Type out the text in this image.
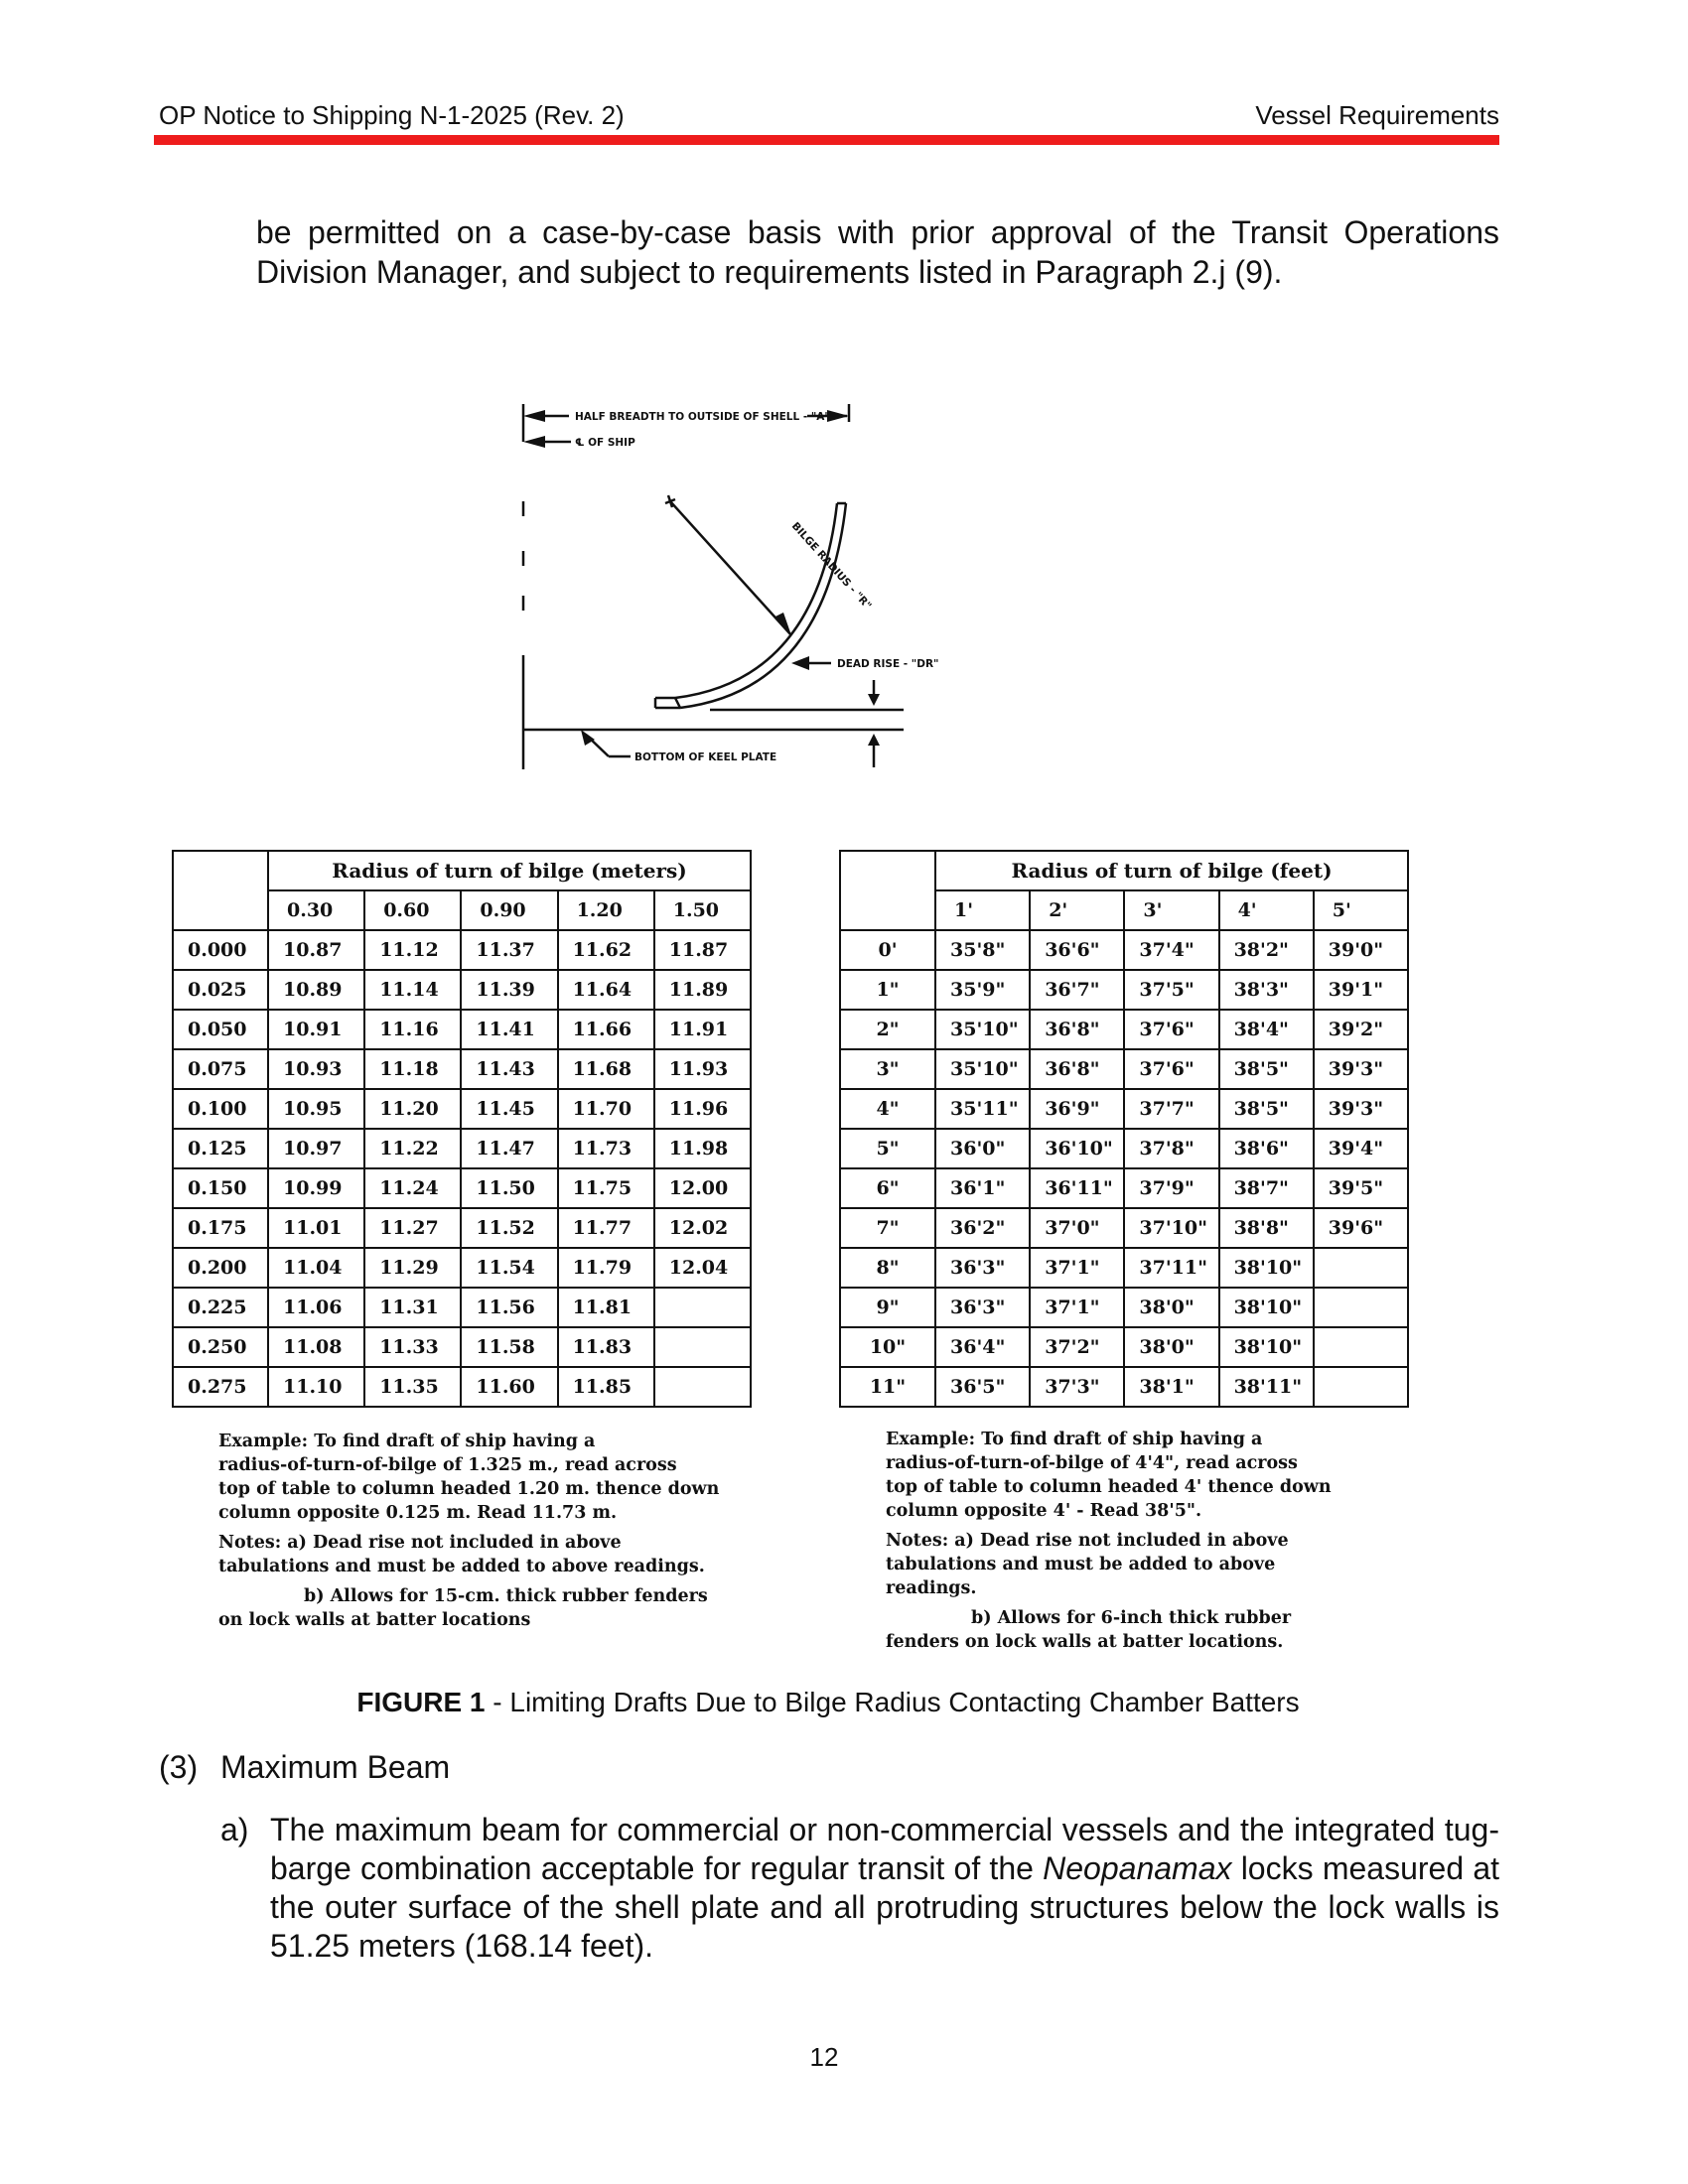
OP Notice to Shipping N-1-2025 (Rev. 2)	Vessel Requirements
be permitted on a case-by-case basis with prior approval of the Transit Operations Division Manager, and subject to requirements listed in Paragraph 2.j (9).
HALF BREADTH TO OUTSIDE OF SHELL - "A"
℄ OF SHIP
BILGE RADIUS - "R"
DEAD RISE - "DR"
BOTTOM OF KEEL PLATE
	Radius of turn of bilge (meters)				
	0.30	0.60	0.90	1.20	1.50
0.000	10.87	11.12	11.37	11.62	11.87
0.025	10.89	11.14	11.39	11.64	11.89
0.050	10.91	11.16	11.41	11.66	11.91
0.075	10.93	11.18	11.43	11.68	11.93
0.100	10.95	11.20	11.45	11.70	11.96
0.125	10.97	11.22	11.47	11.73	11.98
0.150	10.99	11.24	11.50	11.75	12.00
0.175	11.01	11.27	11.52	11.77	12.02
0.200	11.04	11.29	11.54	11.79	12.04
0.225	11.06	11.31	11.56	11.81	
0.250	11.08	11.33	11.58	11.83	
0.275	11.10	11.35	11.60	11.85	
	Radius of turn of bilge (feet)				
	1'	2'	3'	4'	5'
0'	35'8"	36'6"	37'4"	38'2"	39'0"
1"	35'9"	36'7"	37'5"	38'3"	39'1"
2"	35'10"	36'8"	37'6"	38'4"	39'2"
3"	35'10"	36'8"	37'6"	38'5"	39'3"
4"	35'11"	36'9"	37'7"	38'5"	39'3"
5"	36'0"	36'10"	37'8"	38'6"	39'4"
6"	36'1"	36'11"	37'9"	38'7"	39'5"
7"	36'2"	37'0"	37'10"	38'8"	39'6"
8"	36'3"	37'1"	37'11"	38'10"	
9"	36'3"	37'1"	38'0"	38'10"	
10"	36'4"	37'2"	38'0"	38'10"	
11"	36'5"	37'3"	38'1"	38'11"	

Example: To find draft of ship having a

radius-of-turn-of-bilge of 1.325 m., read across

top of table to column headed 1.20 m. thence down

column opposite 0.125 m. Read 11.73 m.

Notes: a) Dead rise not included in above

tabulations and must be added to above readings.

b) Allows for 15-cm. thick rubber fenders

on lock walls at batter locations

Example: To find draft of ship having a

radius-of-turn-of-bilge of 4'4", read across

top of table to column headed 4' thence down

column opposite 4' - Read 38'5".

Notes: a) Dead rise not included in above

tabulations and must be added to above

readings.

b) Allows for 6-inch thick rubber

fenders on lock walls at batter locations.

FIGURE 1 - Limiting Drafts Due to Bilge Radius Contacting Chamber Batters
(3) Maximum Beam
a) The maximum beam for commercial or non-commercial vessels and the integrated tug-barge combination acceptable for regular transit of the Neopanamax locks measured at the outer surface of the shell plate and all protruding structures below the lock walls is 51.25 meters (168.14 feet).
12
